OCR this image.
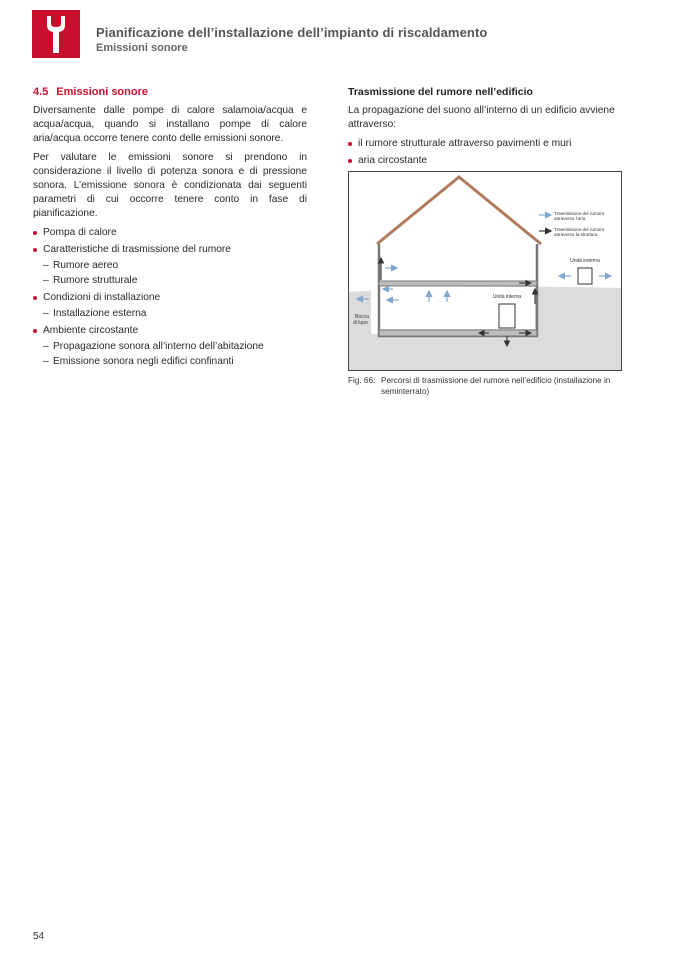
Pianificazione dell’installazione dell’impianto di riscaldamento
Emissioni sonore
4.5 Emissioni sonore

Diversamente dalle pompe di calore salamoia/acqua e acqua/acqua, quando si installano pompe di calore aria/acqua occorre tenere conto delle emissioni sonore.

Per valutare le emissioni sonore si prendono in considerazione il livello di potenza sonora e di pressione sonora. L’emissione sonora è condizionata dai seguenti parametri di cui occorre tenere conto in fase di pianificazione.

Pompa di calore
Caratteristiche di trasmissione del rumore
– Rumore aereo
– Rumore strutturale
Condizioni di installazione
– Installazione esterna
Ambiente circostante
– Propagazione sonora all’interno dell’abitazione
– Emissione sonora negli edifici confinanti
Trasmissione del rumore nell’edificio

La propagazione del suono all’interno di un edificio avviene attraverso:

il rumore strutturale attraverso pavimenti e muri
aria circostante
Unità interna
Unità esterna
Bocca di lupo
Trasmissione del rumore attraverso l’aria
Trasmissione del rumore attraverso la struttura
Fig. 66: Percorsi di trasmissione del rumore nell’edificio (installazione in seminterrato)
54
